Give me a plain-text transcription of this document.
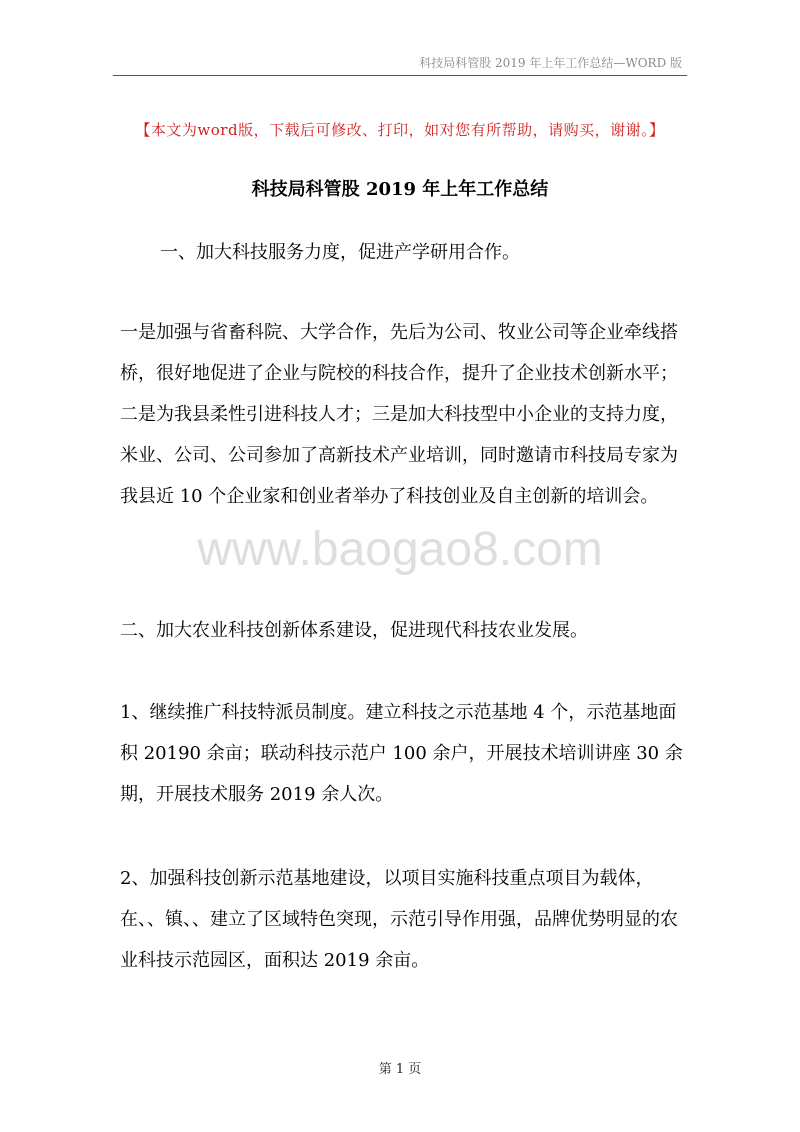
科技局科管股 2019 年上年工作总结—WORD 版
【本文为word版，下载后可修改、打印，如对您有所帮助，请购买，谢谢。】
科技局科管股 2019 年上年工作总结

一、加大科技服务力度，促进产学研用合作。

一是加强与省畜科院、大学合作，先后为公司、牧业公司等企业牵线搭桥，很好地促进了企业与院校的科技合作，提升了企业技术创新水平；二是为我县柔性引进科技人才；三是加大科技型中小企业的支持力度，米业、公司、公司参加了高新技术产业培训，同时邀请市科技局专家为我县近 10 个企业家和创业者举办了科技创业及自主创新的培训会。

www.baogao8.com

二、加大农业科技创新体系建设，促进现代科技农业发展。

1、继续推广科技特派员制度。建立科技之示范基地 4 个，示范基地面积 20190 余亩；联动科技示范户 100 余户，开展技术培训讲座 30 余期，开展技术服务 2019 余人次。

2、加强科技创新示范基地建设，以项目实施科技重点项目为载体，在、、镇、、建立了区域特色突现，示范引导作用强，品牌优势明显的农业科技示范园区，面积达 2019 余亩。

第 1 页
